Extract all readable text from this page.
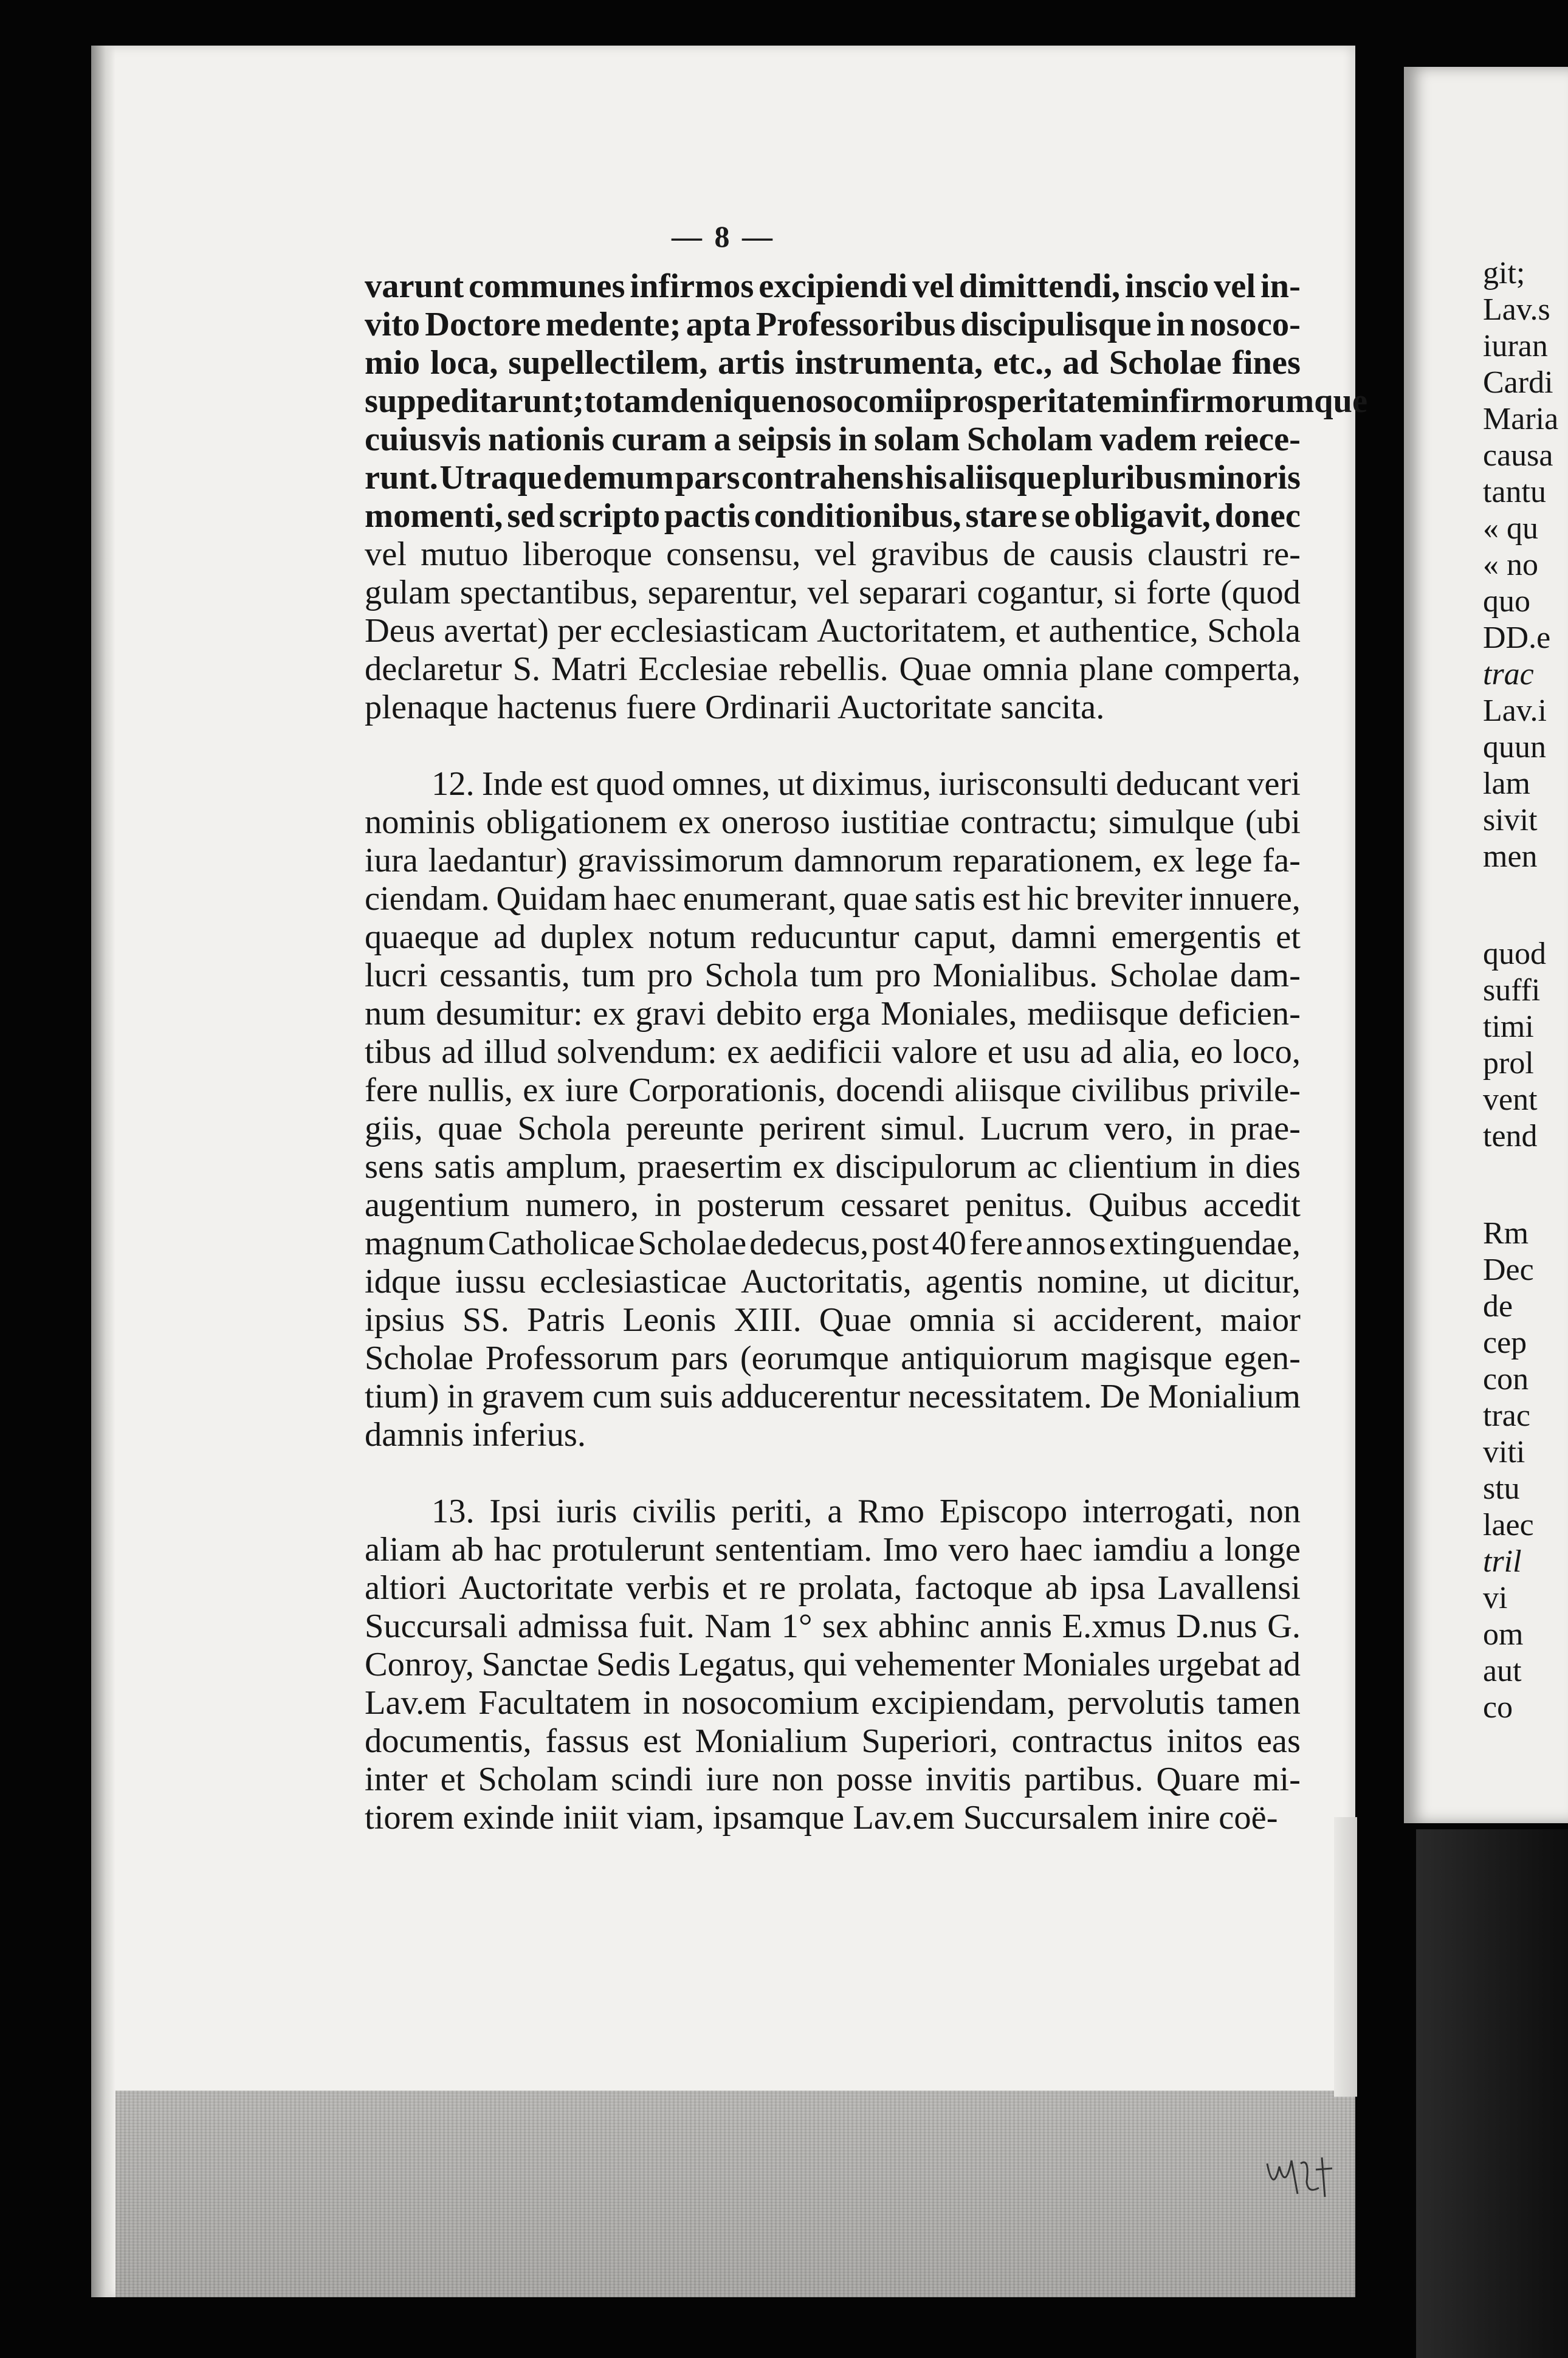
— 8 —
varunt communes infirmos excipiendi vel dimittendi, inscio vel in-
vito Doctore medente; apta Professoribus discipulisque in nosoco-
mio loca, supellectilem, artis instrumenta, etc., ad Scholae fines
suppeditarunt; totam denique nosocomii prosperitatem infirmorumque
cuiusvis nationis curam a seipsis in solam Scholam vadem reiece-
runt. Utraque demum pars contrahens his aliisque pluribus minoris
momenti, sed scripto pactis conditionibus, stare se obligavit, donec
vel mutuo liberoque consensu, vel gravibus de causis claustri re-
gulam spectantibus, separentur, vel separari cogantur, si forte (quod
Deus avertat) per ecclesiasticam Auctoritatem, et authentice, Schola
declaretur S. Matri Ecclesiae rebellis. Quae omnia plane comperta,
plenaque hactenus fuere Ordinarii Auctoritate sancita.
12. Inde est quod omnes, ut diximus, iurisconsulti deducant veri
nominis obligationem ex oneroso iustitiae contractu; simulque (ubi
iura laedantur) gravissimorum damnorum reparationem, ex lege fa-
ciendam. Quidam haec enumerant, quae satis est hic breviter innuere,
quaeque ad duplex notum reducuntur caput, damni emergentis et
lucri cessantis, tum pro Schola tum pro Monialibus. Scholae dam-
num desumitur: ex gravi debito erga Moniales, mediisque deficien-
tibus ad illud solvendum: ex aedificii valore et usu ad alia, eo loco,
fere nullis, ex iure Corporationis, docendi aliisque civilibus privile-
giis, quae Schola pereunte perirent simul. Lucrum vero, in prae-
sens satis amplum, praesertim ex discipulorum ac clientium in dies
augentium numero, in posterum cessaret penitus. Quibus accedit
magnum Catholicae Scholae dedecus, post 40 fere annos extinguendae,
idque iussu ecclesiasticae Auctoritatis, agentis nomine, ut dicitur,
ipsius SS. Patris Leonis XIII. Quae omnia si acciderent, maior
Scholae Professorum pars (eorumque antiquiorum magisque egen-
tium) in gravem cum suis adducerentur necessitatem. De Monialium
damnis inferius.
13. Ipsi iuris civilis periti, a Rmo Episcopo interrogati, non
aliam ab hac protulerunt sententiam. Imo vero haec iamdiu a longe
altiori Auctoritate verbis et re prolata, factoque ab ipsa Lavallensi
Succursali admissa fuit. Nam 1° sex abhinc annis E.xmus D.nus G.
Conroy, Sanctae Sedis Legatus, qui vehementer Moniales urgebat ad
Lav.em Facultatem in nosocomium excipiendam, pervolutis tamen
documentis, fassus est Monialium Superiori, contractus initos eas
inter et Scholam scindi iure non posse invitis partibus. Quare mi-
tiorem exinde iniit viam, ipsamque Lav.em Succursalem inire coë-
git;
Lav.s
iuran
Cardi
Maria
causa
tantu
« qu
« no
quo
DD.e
trac
Lav.i
quun
lam
sivit
men
quod
suffi
timi
prol
vent
tend
Rm
Dec
de
cep
con
trac
viti
stu
laec
tril
vi
om
aut
co
